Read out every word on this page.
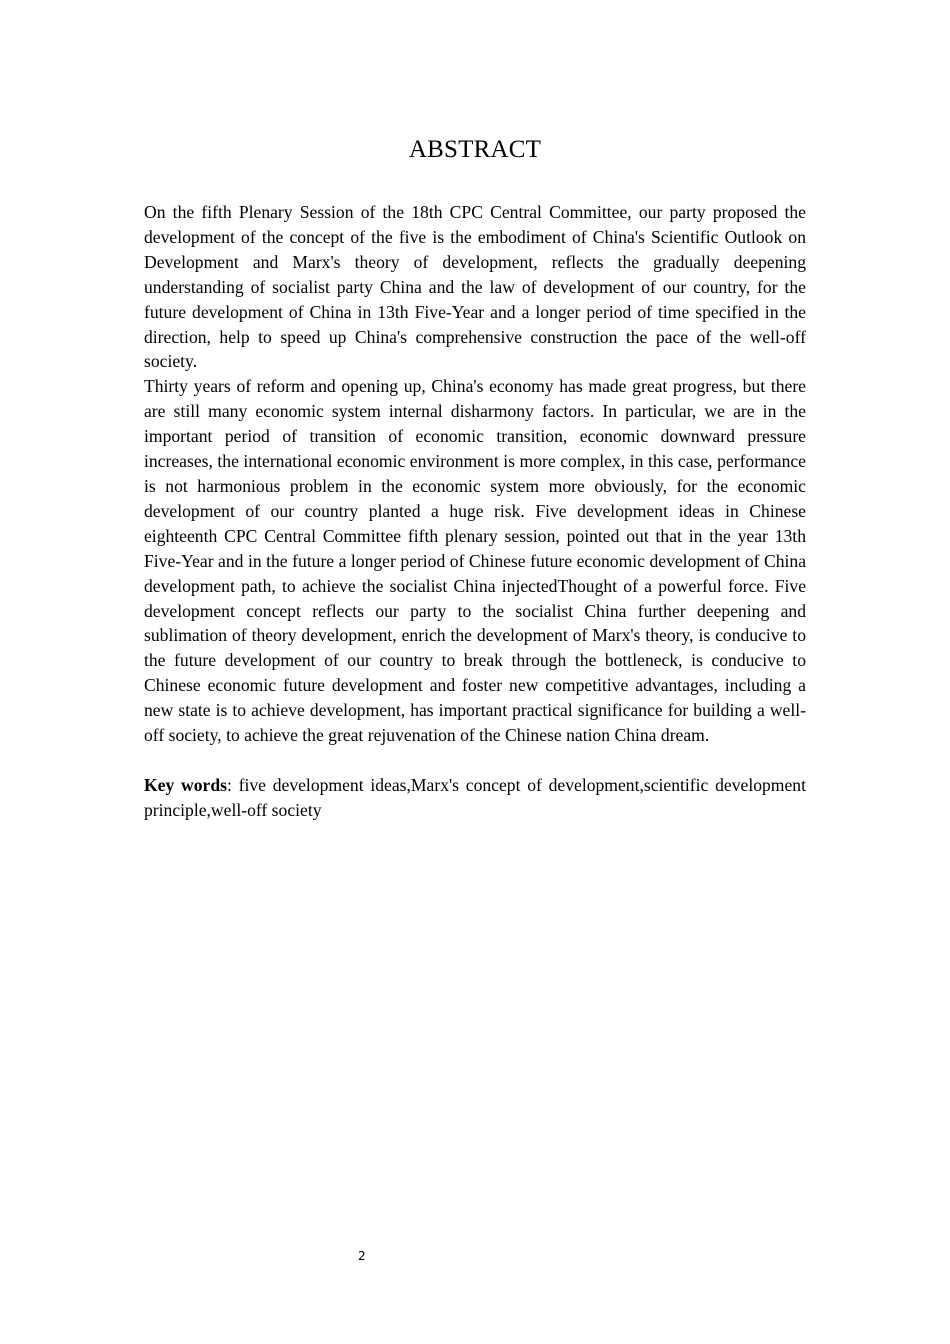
ABSTRACT

On the fifth Plenary Session of the 18th CPC Central Committee, our party proposed the development of the concept of the five is the embodiment of China's Scientific Outlook on Development and Marx's theory of development, reflects the gradually deepening understanding of socialist party China and the law of development of our country, for the future development of China in 13th Five-Year and a longer period of time specified in the direction, help to speed up China's comprehensive construction the pace of the well-off society.

Thirty years of reform and opening up, China's economy has made great progress, but there are still many economic system internal disharmony factors. In particular, we are in the important period of transition of economic transition, economic downward pressure increases, the international economic environment is more complex, in this case, performance is not harmonious problem in the economic system more obviously, for the economic development of our country planted a huge risk. Five development ideas in Chinese eighteenth CPC Central Committee fifth plenary session, pointed out that in the year 13th Five-Year and in the future a longer period of Chinese future economic development of China development path, to achieve the socialist China injectedThought of a powerful force. Five development concept reflects our party to the socialist China further deepening and sublimation of theory development, enrich the development of Marx's theory, is conducive to the future development of our country to break through the bottleneck, is conducive to Chinese economic future development and foster new competitive advantages, including a new state is to achieve development, has important practical significance for building a well-off society, to achieve the great rejuvenation of the Chinese nation China dream.

Key words: five development ideas,Marx's concept of development,scientific development principle,well-off society

2
